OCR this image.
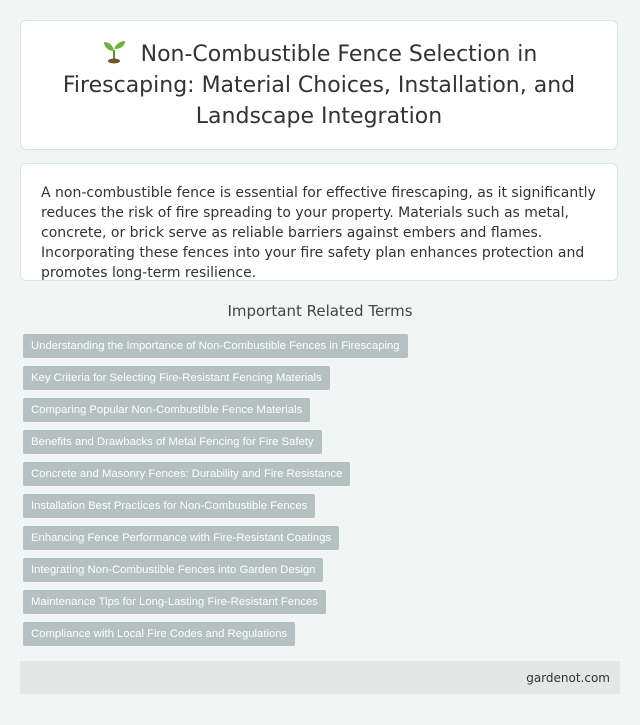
Non-Combustible Fence Selection in Firescaping: Material Choices, Installation, and Landscape Integration

A non-combustible fence is essential for effective firescaping, as it significantly reduces the risk of fire spreading to your property. Materials such as metal, concrete, or brick serve as reliable barriers against embers and flames. Incorporating these fences into your fire safety plan enhances protection and promotes long-term resilience.

Important Related Terms
Understanding the Importance of Non-Combustible Fences in Firescaping
Key Criteria for Selecting Fire-Resistant Fencing Materials
Comparing Popular Non-Combustible Fence Materials
Benefits and Drawbacks of Metal Fencing for Fire Safety
Concrete and Masonry Fences: Durability and Fire Resistance
Installation Best Practices for Non-Combustible Fences
Enhancing Fence Performance with Fire-Resistant Coatings
Integrating Non-Combustible Fences into Garden Design
Maintenance Tips for Long-Lasting Fire-Resistant Fences
Compliance with Local Fire Codes and Regulations
gardenot.com
